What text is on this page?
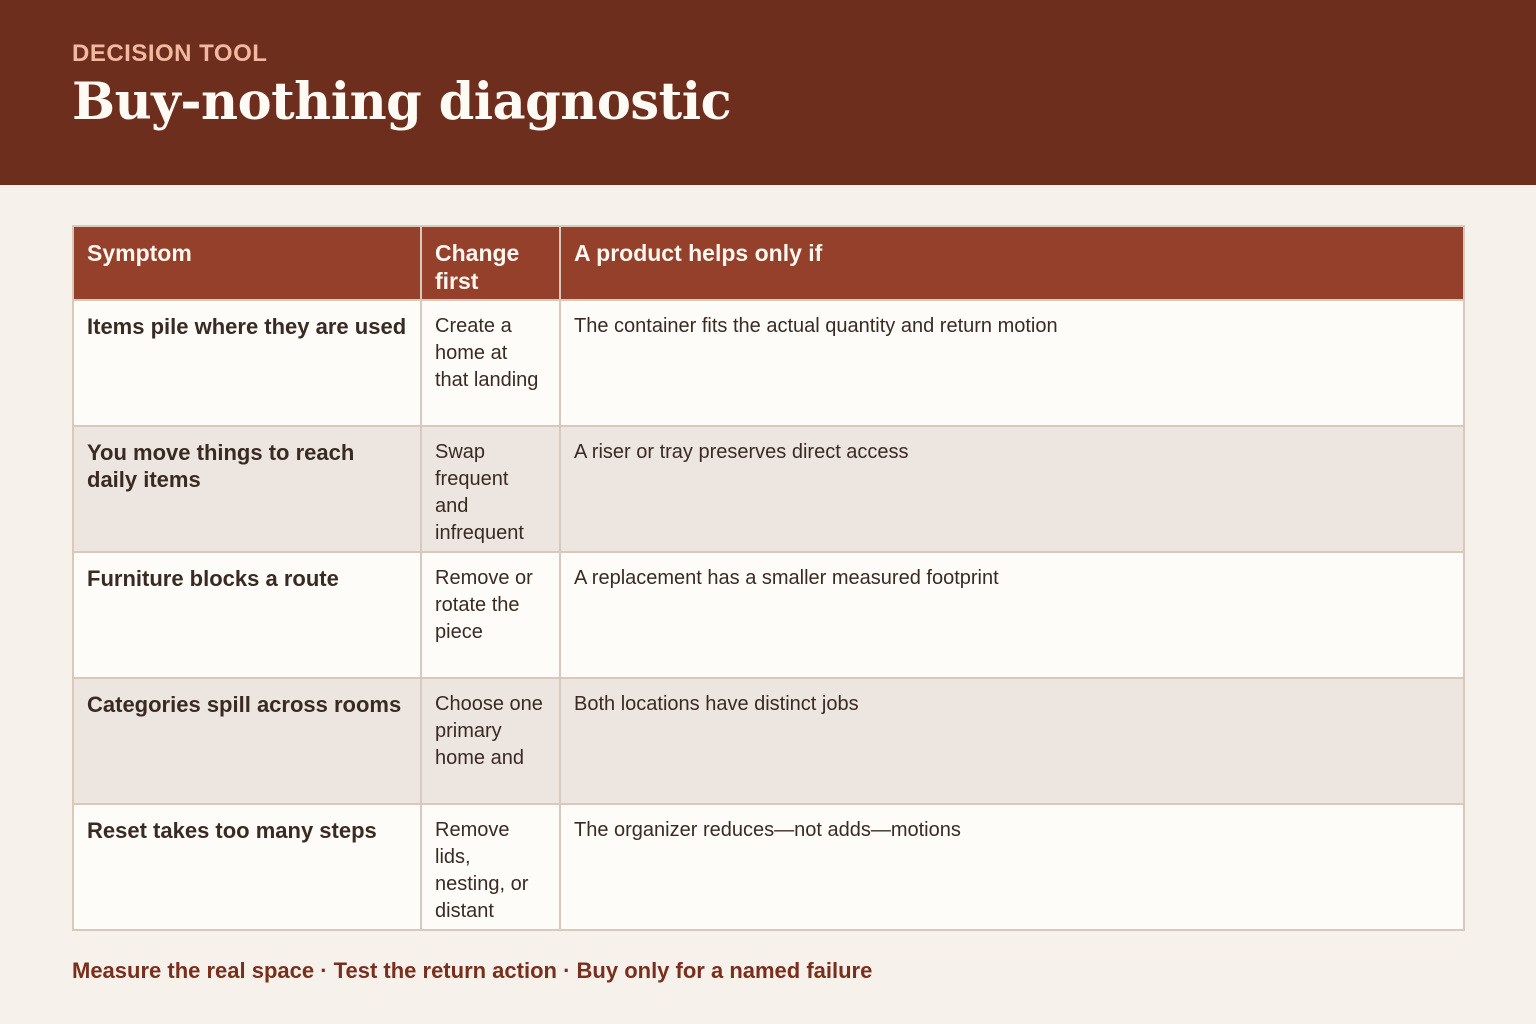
DECISION TOOL
Buy-nothing diagnostic
Symptom	Change first	A product helps only if

Items pile where they are used	Create a home at that landing	The container fits the actual quantity and return motion

You move things to reach daily items	Swap frequent and infrequent	A riser or tray preserves direct access

Furniture blocks a route	Remove or rotate the piece	A replacement has a smaller measured footprint

Categories spill across rooms	Choose one primary home and	Both locations have distinct jobs

Reset takes too many steps	Remove lids, nesting, or distant	The organizer reduces—not adds—motions
Measure the real space · Test the return action · Buy only for a named failure
